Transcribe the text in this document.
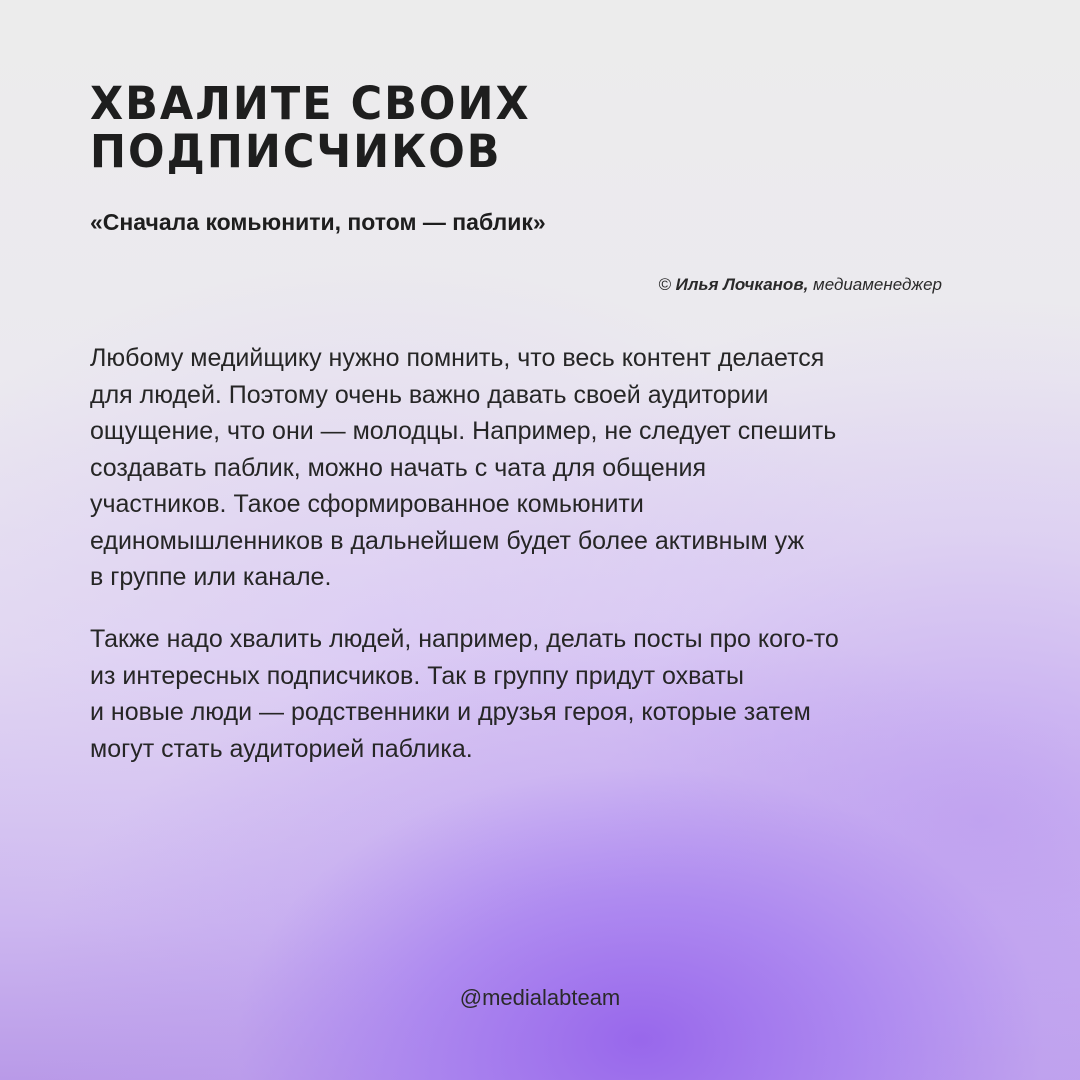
ХВАЛИТЕ СВОИХ
ПОДПИСЧИКОВ

«Сначала комьюнити, потом — паблик»

© Илья Лочканов, медиаменеджер

Любому медийщику нужно помнить, что весь контент делается
для людей. Поэтому очень важно давать своей аудитории
ощущение, что они — молодцы. Например, не следует спешить
создавать паблик, можно начать с чата для общения
участников. Такое сформированное комьюнити
единомышленников в дальнейшем будет более активным уж
в группе или канале.

Также надо хвалить людей, например, делать посты про кого-то
из интересных подписчиков. Так в группу придут охваты
и новые люди — родственники и друзья героя, которые затем
могут стать аудиторией паблика.

@medialabteam
